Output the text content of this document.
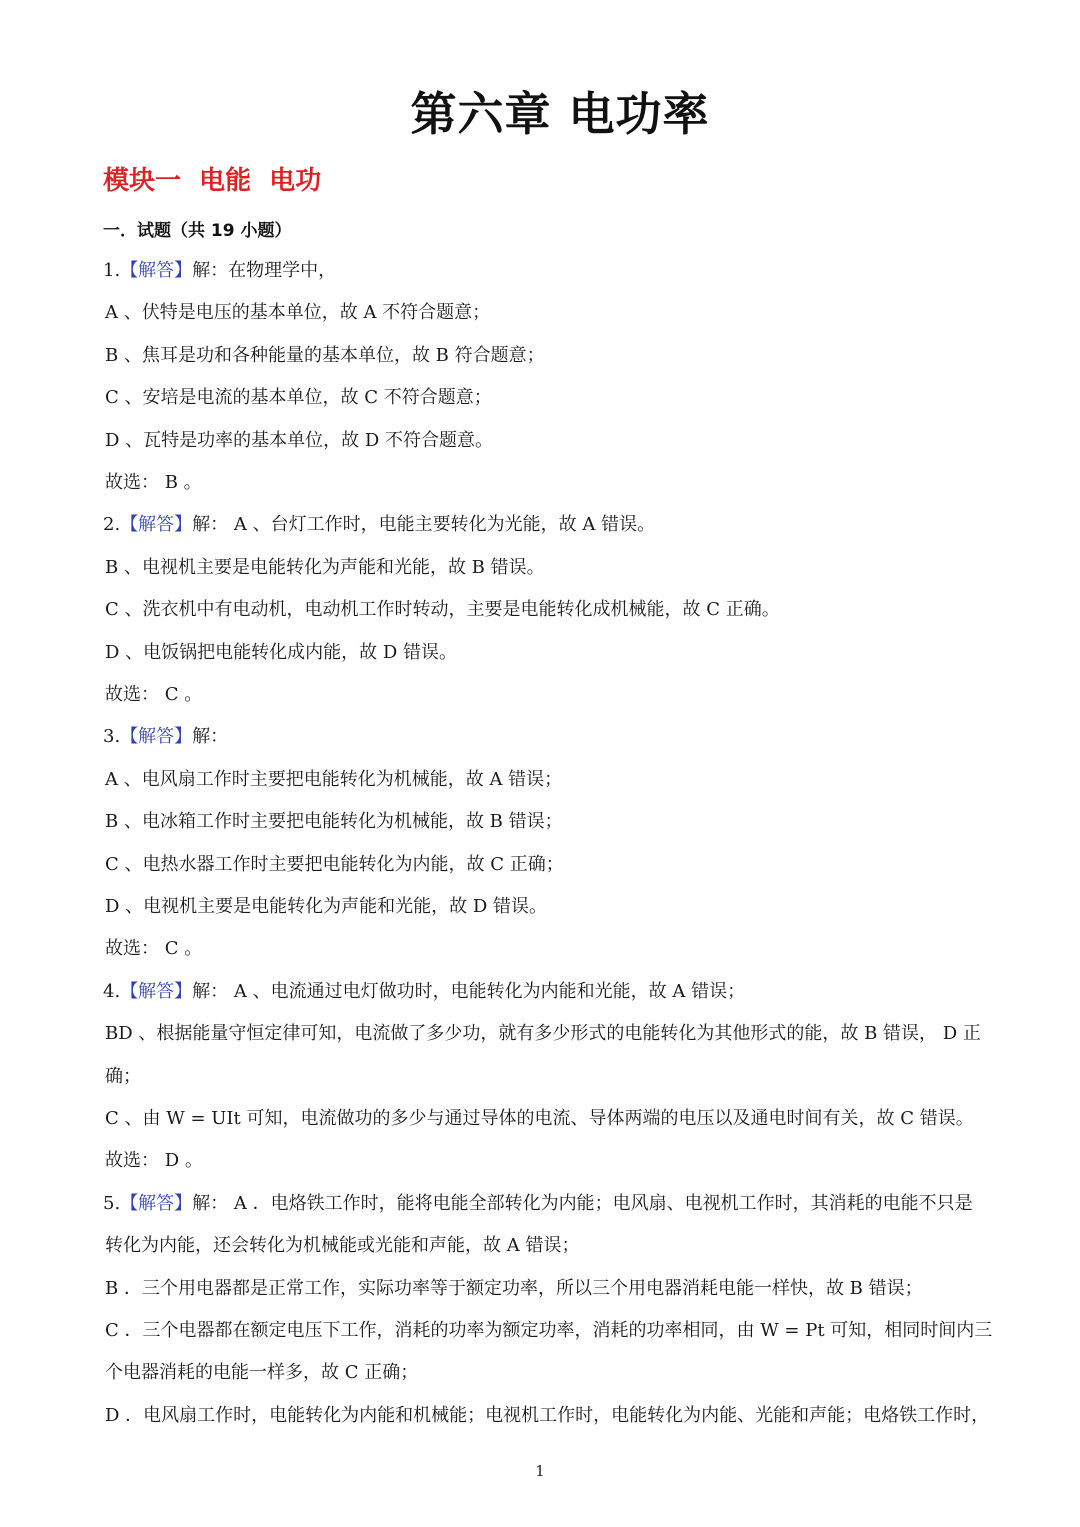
第六章 电功率
模块一  电能  电功
一．试题（共 19 小题）
1.【解答】解：在物理学中，
A 、伏特是电压的基本单位，故 A 不符合题意；
B 、焦耳是功和各种能量的基本单位，故 B 符合题意；
C 、安培是电流的基本单位，故 C 不符合题意；
D 、瓦特是功率的基本单位，故 D 不符合题意。
故选： B 。
2.【解答】解： A 、台灯工作时，电能主要转化为光能，故 A 错误。
B 、电视机主要是电能转化为声能和光能，故 B 错误。
C 、洗衣机中有电动机，电动机工作时转动，主要是电能转化成机械能，故 C 正确。
D 、电饭锅把电能转化成内能，故 D 错误。
故选： C 。
3.【解答】解：
A 、电风扇工作时主要把电能转化为机械能，故 A 错误；
B 、电冰箱工作时主要把电能转化为机械能，故 B 错误；
C 、电热水器工作时主要把电能转化为内能，故 C 正确；
D 、电视机主要是电能转化为声能和光能，故 D 错误。
故选： C 。
4.【解答】解： A 、电流通过电灯做功时，电能转化为内能和光能，故 A 错误；
BD 、根据能量守恒定律可知，电流做了多少功，就有多少形式的电能转化为其他形式的能，故 B 错误， D 正
确；
C 、由 W = UIt 可知，电流做功的多少与通过导体的电流、导体两端的电压以及通电时间有关，故 C 错误。
故选： D 。
5.【解答】解： A ．电烙铁工作时，能将电能全部转化为内能；电风扇、电视机工作时，其消耗的电能不只是
转化为内能，还会转化为机械能或光能和声能，故 A 错误；
B ．三个用电器都是正常工作，实际功率等于额定功率，所以三个用电器消耗电能一样快，故 B 错误；
C ．三个电器都在额定电压下工作，消耗的功率为额定功率，消耗的功率相同，由 W = Pt 可知，相同时间内三
个电器消耗的电能一样多，故 C 正确；
D ．电风扇工作时，电能转化为内能和机械能；电视机工作时，电能转化为内能、光能和声能；电烙铁工作时，
1
